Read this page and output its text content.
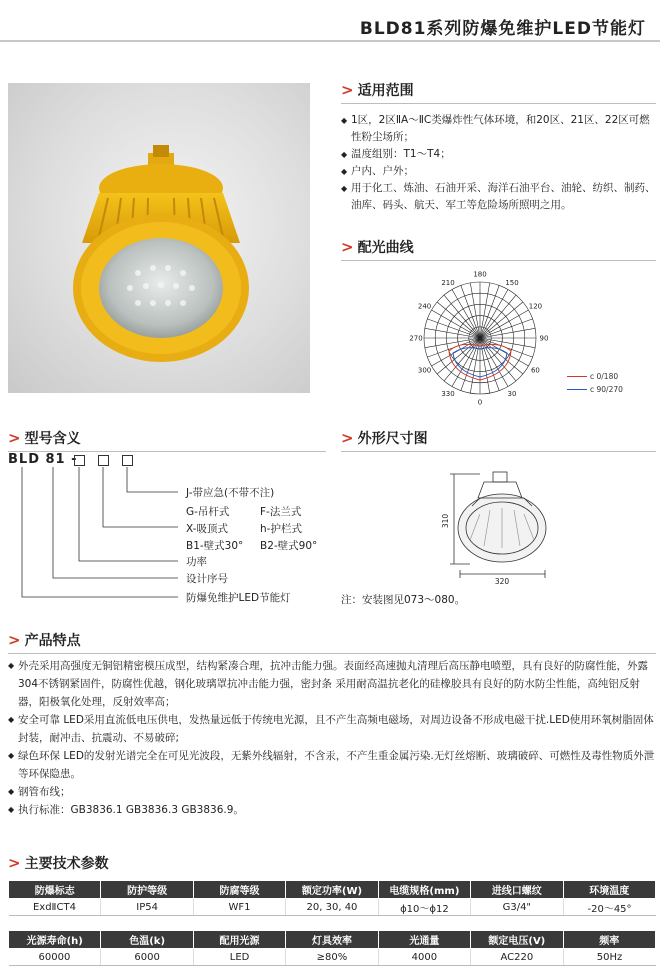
BLD81系列防爆免维护LED节能灯
> 适用范围
◆ 1区，2区ⅡA～ⅡC类爆炸性气体环境，和20区、21区、22区可燃性粉尘场所；
◆ 温度组别：T1～T4；
◆ 户内、户外；
◆ 用于化工、炼油、石油开采、海洋石油平台、油轮、纺织、制药、油库、码头、航天、军工等危险场所照明之用。
> 配光曲线
180
150
120
90
60
30
0
330
300
270
240
210
c 0/180
c 90/270
> 型号含义
BLD 81 -
J-带应急(不带不注)
G-吊杆式	F-法兰式
X-吸顶式	h-护栏式
B1-壁式30° B2-壁式90°
功率
设计序号
防爆免维护LED节能灯
> 外形尺寸图
310
320
注：安装图见073～080。
> 产品特点
◆ 外壳采用高强度无铜铝精密模压成型，结构紧凑合理，抗冲击能力强。表面经高速抛丸清理后高压静电喷塑，具有良好的防腐性能，外露304不锈钢紧固件，防腐性优越，钢化玻璃罩抗冲击能力强，密封条 采用耐高温抗老化的硅橡胶具有良好的防水防尘性能，高纯铝反射器，阳极氧化处理，反射效率高；
◆ 安全可靠 LED采用直流低电压供电，发热量远低于传统电光源，且不产生高频电磁场，对周边设备不形成电磁干扰.LED使用环氧树脂固体封装，耐冲击、抗震动、不易破碎;
◆ 绿色环保 LED的发射光谱完全在可见光波段，无紫外线辐射，不含汞，不产生重金属污染.无灯丝熔断、玻璃破碎、可燃性及毒性物质外泄等环保隐患。
◆ 钢管布线；
◆ 执行标准：GB3836.1 GB3836.3 GB3836.9。
> 主要技术参数
防爆标志	防护等级	防腐等级	额定功率(W)	电缆规格(mm)	进线口螺纹	环境温度
ExdⅡCT4	IP54	WF1	20, 30, 40	ϕ10～ϕ12	G3/4"	-20～45°
光源寿命(h)	色温(k)	配用光源	灯具效率	光通量	额定电压(V)	频率
60000	6000	LED	≥80%	4000	AC220	50Hz
